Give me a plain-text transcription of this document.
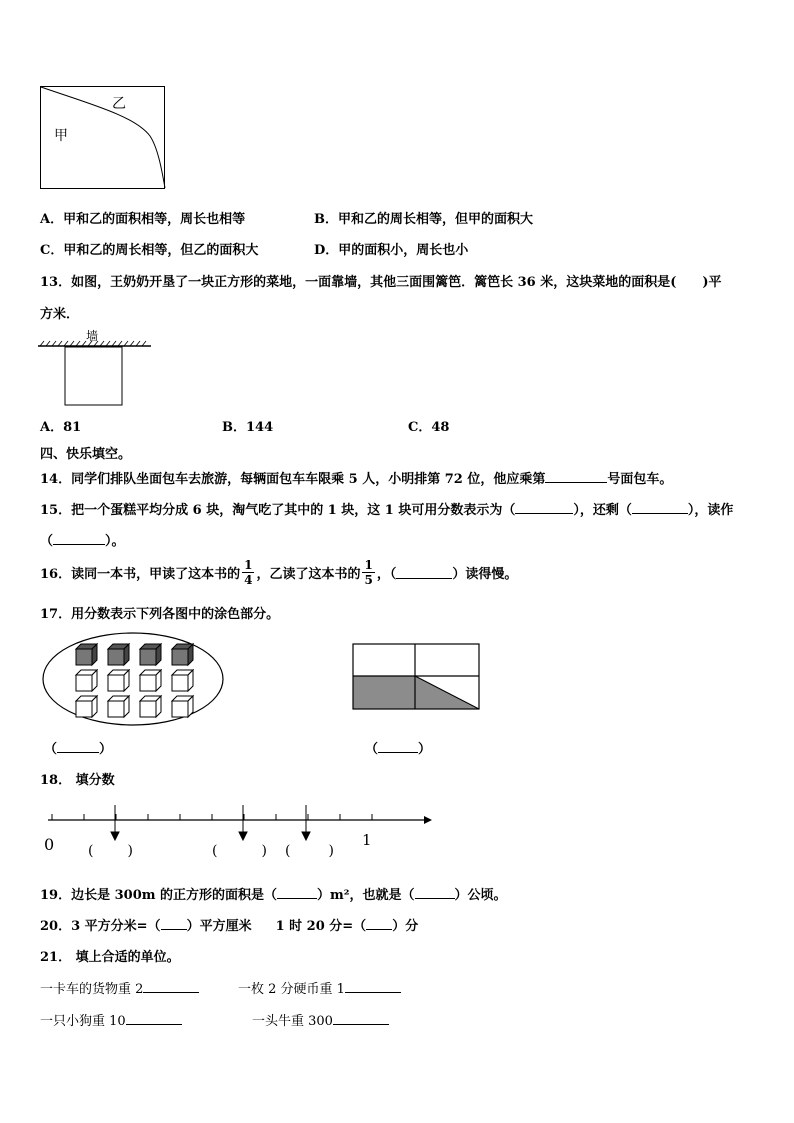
乙
甲
A．甲和乙的面积相等，周长也相等	B．甲和乙的周长相等，但甲的面积大
C．甲和乙的周长相等，但乙的面积大	D．甲的面积小，周长也小
13．如图，王奶奶开垦了一块正方形的菜地，一面靠墙，其他三面围篱笆．篱笆长 36 米，这块菜地的面积是(　　)平
方米．
墙
A．81	B．144	C．48
四、快乐填空。
14．同学们排队坐面包车去旅游，每辆面包车车限乘 5 人，小明排第 72 位，他应乘第	号面包车。
15．把一个蛋糕平均分成 6 块，淘气吃了其中的 1 块，这 1 块可用分数表示为（	），还剩（	），读作
（	）。
16．读同一本书，甲读了这本书的 $\frac{1}{4}$ ，乙读了这本书的 $\frac{1}{5}$ ，（	）读得慢。
17．用分数表示下列各图中的涂色部分。
（	）	（	）
18． 填分数
0	1
( )	(	) (	)
19．边长是 300m 的正方形的面积是（	）m²，也就是（	）公顷。
20．3 平方分米=（ ）平方厘米 1 时 20 分=（ ）分
21． 填上合适的单位。
一卡车的货物重 2	一枚 2 分硬币重 1
一只小狗重 10	一头牛重 300
